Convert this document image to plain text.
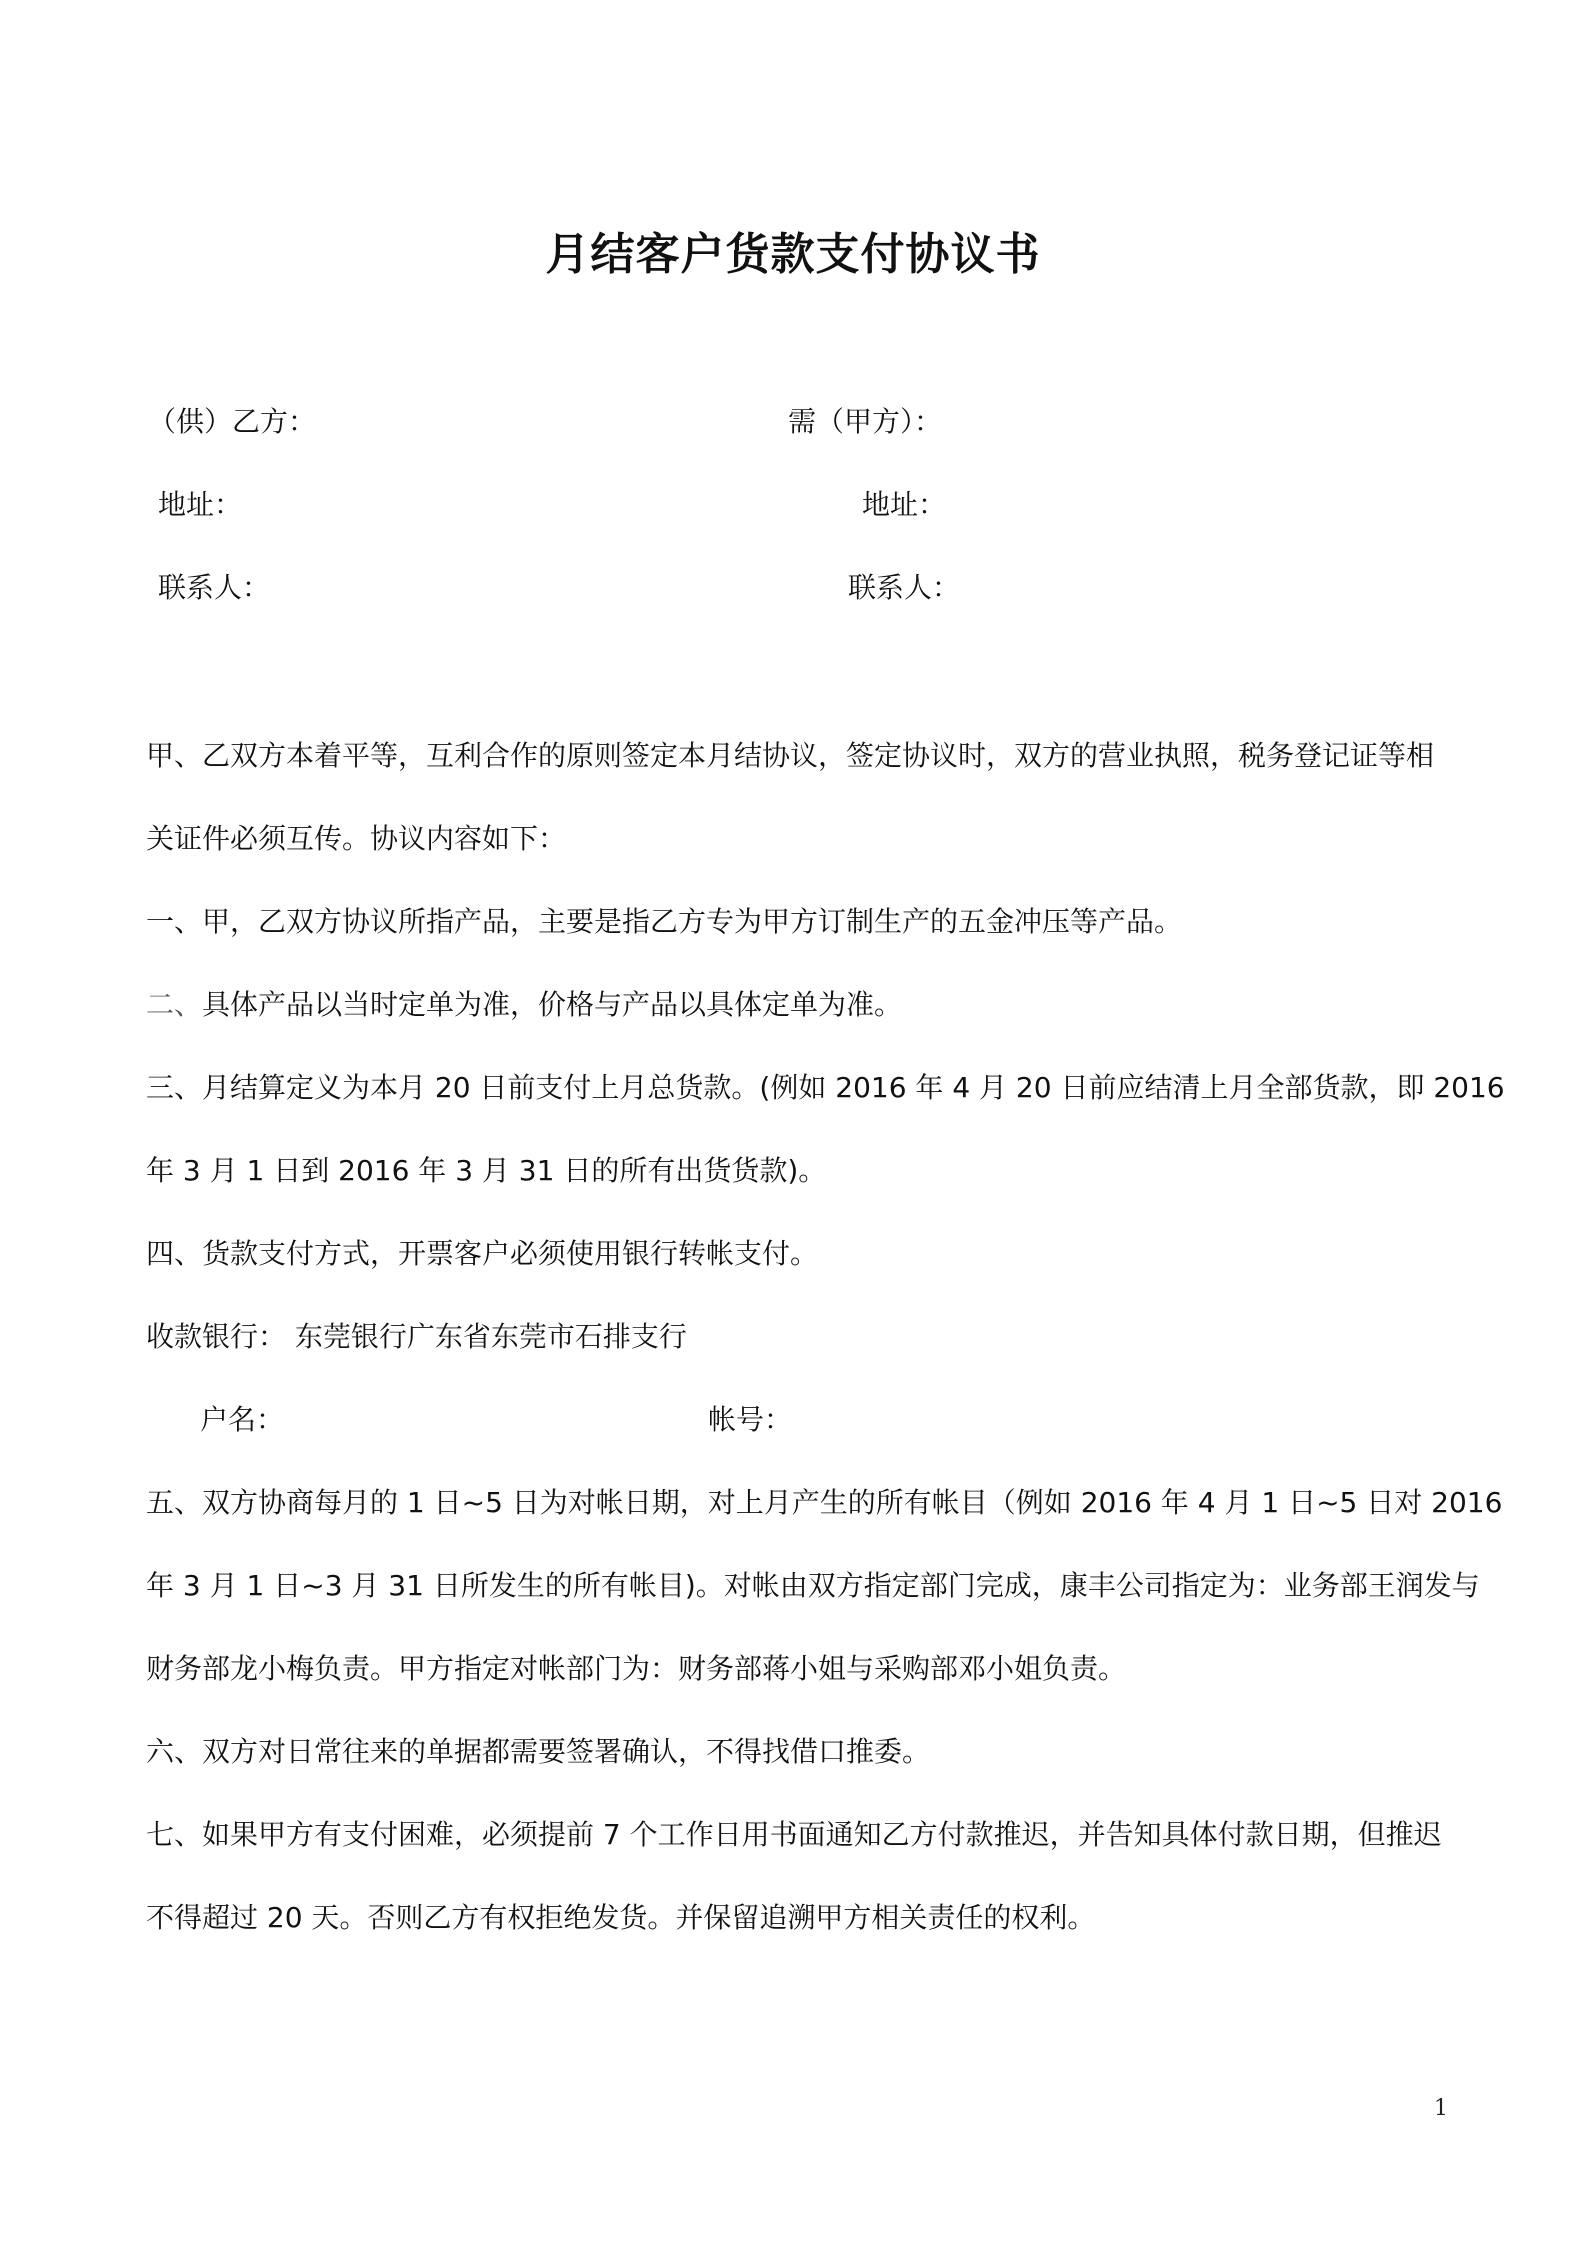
月结客户货款支付协议书
（供）乙方：	需（甲方）：
地址：	地址：
联系人：	联系人：
甲、乙双方本着平等，互利合作的原则签定本月结协议，签定协议时，双方的营业执照，税务登记证等相
关证件必须互传。协议内容如下：
一、甲，乙双方协议所指产品，主要是指乙方专为甲方订制生产的五金冲压等产品。
二、具体产品以当时定单为准，价格与产品以具体定单为准。
三、月结算定义为本月 20 日前支付上月总货款。(例如 2016 年 4 月 20 日前应结清上月全部货款，即 2016
年 3 月 1 日到 2016 年 3 月 31 日的所有出货货款)。
四、货款支付方式，开票客户必须使用银行转帐支付。
收款银行： 东莞银行广东省东莞市石排支行
户名：	帐号：
五、双方协商每月的 1 日~5 日为对帐日期，对上月产生的所有帐目（例如 2016 年 4 月 1 日~5 日对 2016
年 3 月 1 日~3 月 31 日所发生的所有帐目)。对帐由双方指定部门完成，康丰公司指定为：业务部王润发与
财务部龙小梅负责。甲方指定对帐部门为：财务部蒋小姐与采购部邓小姐负责。
六、双方对日常往来的单据都需要签署确认，不得找借口推委。
七、如果甲方有支付困难，必须提前 7 个工作日用书面通知乙方付款推迟，并告知具体付款日期，但推迟
不得超过 20 天。否则乙方有权拒绝发货。并保留追溯甲方相关责任的权利。
1
